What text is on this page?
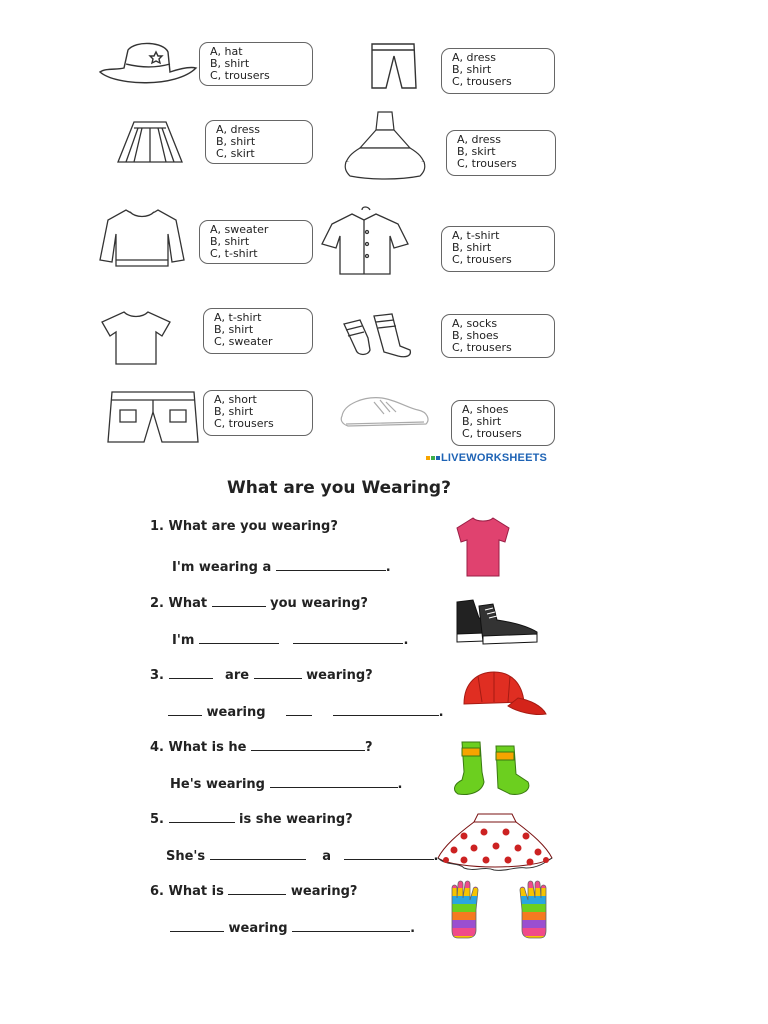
A, hat
B, shirt
C, trousers
A, dress
B, shirt
C, trousers
A, dress
B, shirt
C, skirt
A, dress
B, skirt
C, trousers
A, sweater
B, shirt
C, t-shirt
A, t-shirt
B, shirt
C, trousers
A, t-shirt
B, shirt
C, sweater
A, socks
B, shoes
C, trousers
A, short
B, shirt
C, trousers
A, shoes
B, shirt
C, trousers
LIVEWORKSHEETS
What are you Wearing?
1. What are you wearing?
I'm wearing a	.
2. What	you wearing?
I'm	.
3.	are	wearing?
wearing	.
4. What is he	?
He's wearing	.
5.	is she wearing?
She's	a	.
6. What is	wearing?
wearing	.
